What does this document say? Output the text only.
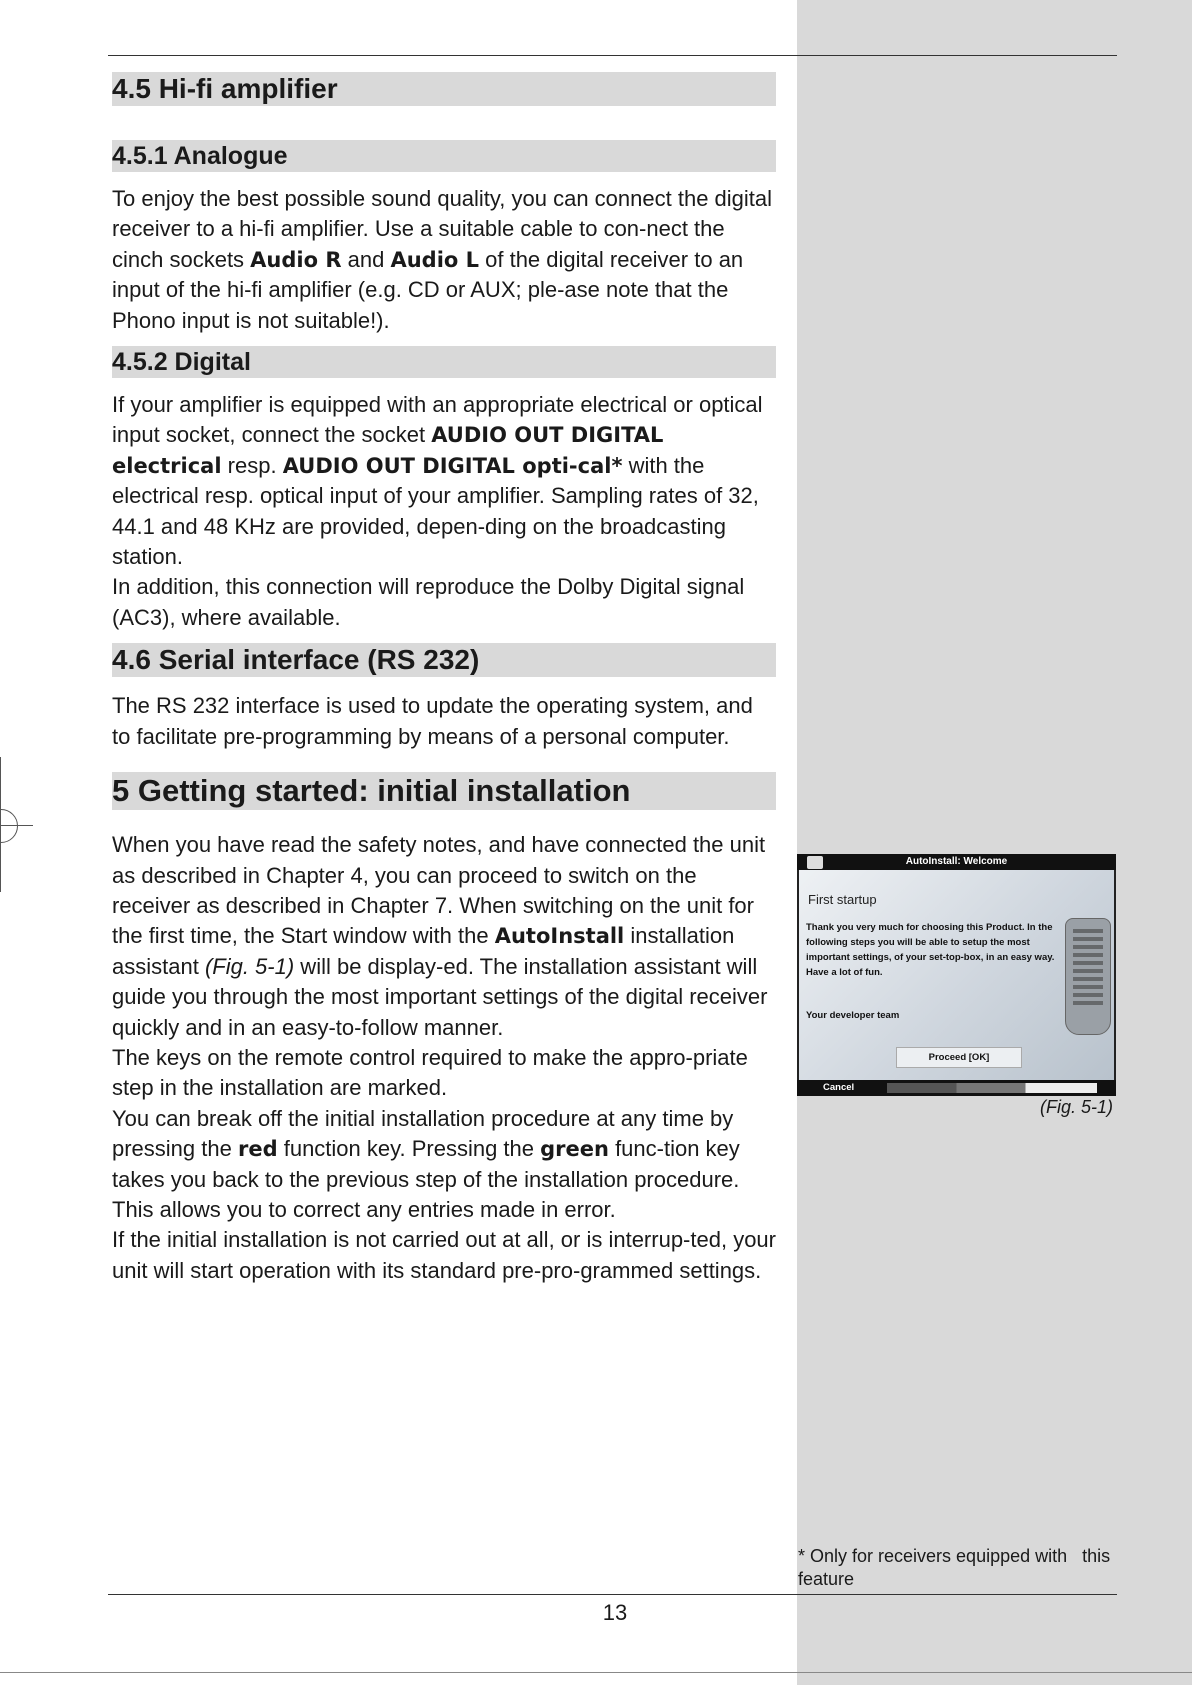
4.5 Hi-fi amplifier
4.5.1 Analogue

To enjoy the best possible sound quality, you can connect the digital receiver to a hi-fi amplifier. Use a suitable cable to con-nect the cinch sockets Audio R and Audio L of the digital receiver to an input of the hi-fi amplifier (e.g. CD or AUX; ple-ase note that the Phono input is not suitable!).

4.5.2 Digital

If your amplifier is equipped with an appropriate electrical or optical input socket, connect the socket AUDIO OUT DIGITAL electrical resp. AUDIO OUT DIGITAL opti-cal* with the electrical resp. optical input of your amplifier. Sampling rates of 32, 44.1 and 48 KHz are provided, depen-ding on the broadcasting station.

In addition, this connection will reproduce the Dolby Digital signal (AC3), where available.

4.6 Serial interface (RS 232)

The RS 232 interface is used to update the operating system, and to facilitate pre-programming by means of a personal computer.

5 Getting started: initial installation

When you have read the safety notes, and have connected the unit as described in Chapter 4, you can proceed to switch on the receiver as described in Chapter 7. When switching on the unit for the first time, the Start window with the AutoInstall installation assistant (Fig. 5-1) will be display-ed. The installation assistant will guide you through the most important settings of the digital receiver quickly and in an easy-to-follow manner.

The keys on the remote control required to make the appro-priate step in the installation are marked.

You can break off the initial installation procedure at any time by pressing the red function key. Pressing the green func-tion key takes you back to the previous step of the installation procedure. This allows you to correct any entries made in error.

If the initial installation is not carried out at all, or is interrup-ted, your unit will start operation with its standard pre-pro-grammed settings.

AutoInstall: Welcome
First startup
Thank you very much for choosing this Product. In the following steps you will be able to setup the most important settings, of your set-top-box, in an easy way. Have a lot of fun.
Your developer team
Proceed [OK]
Cancel
(Fig. 5-1)
* Only for receivers equipped with   this feature
13
